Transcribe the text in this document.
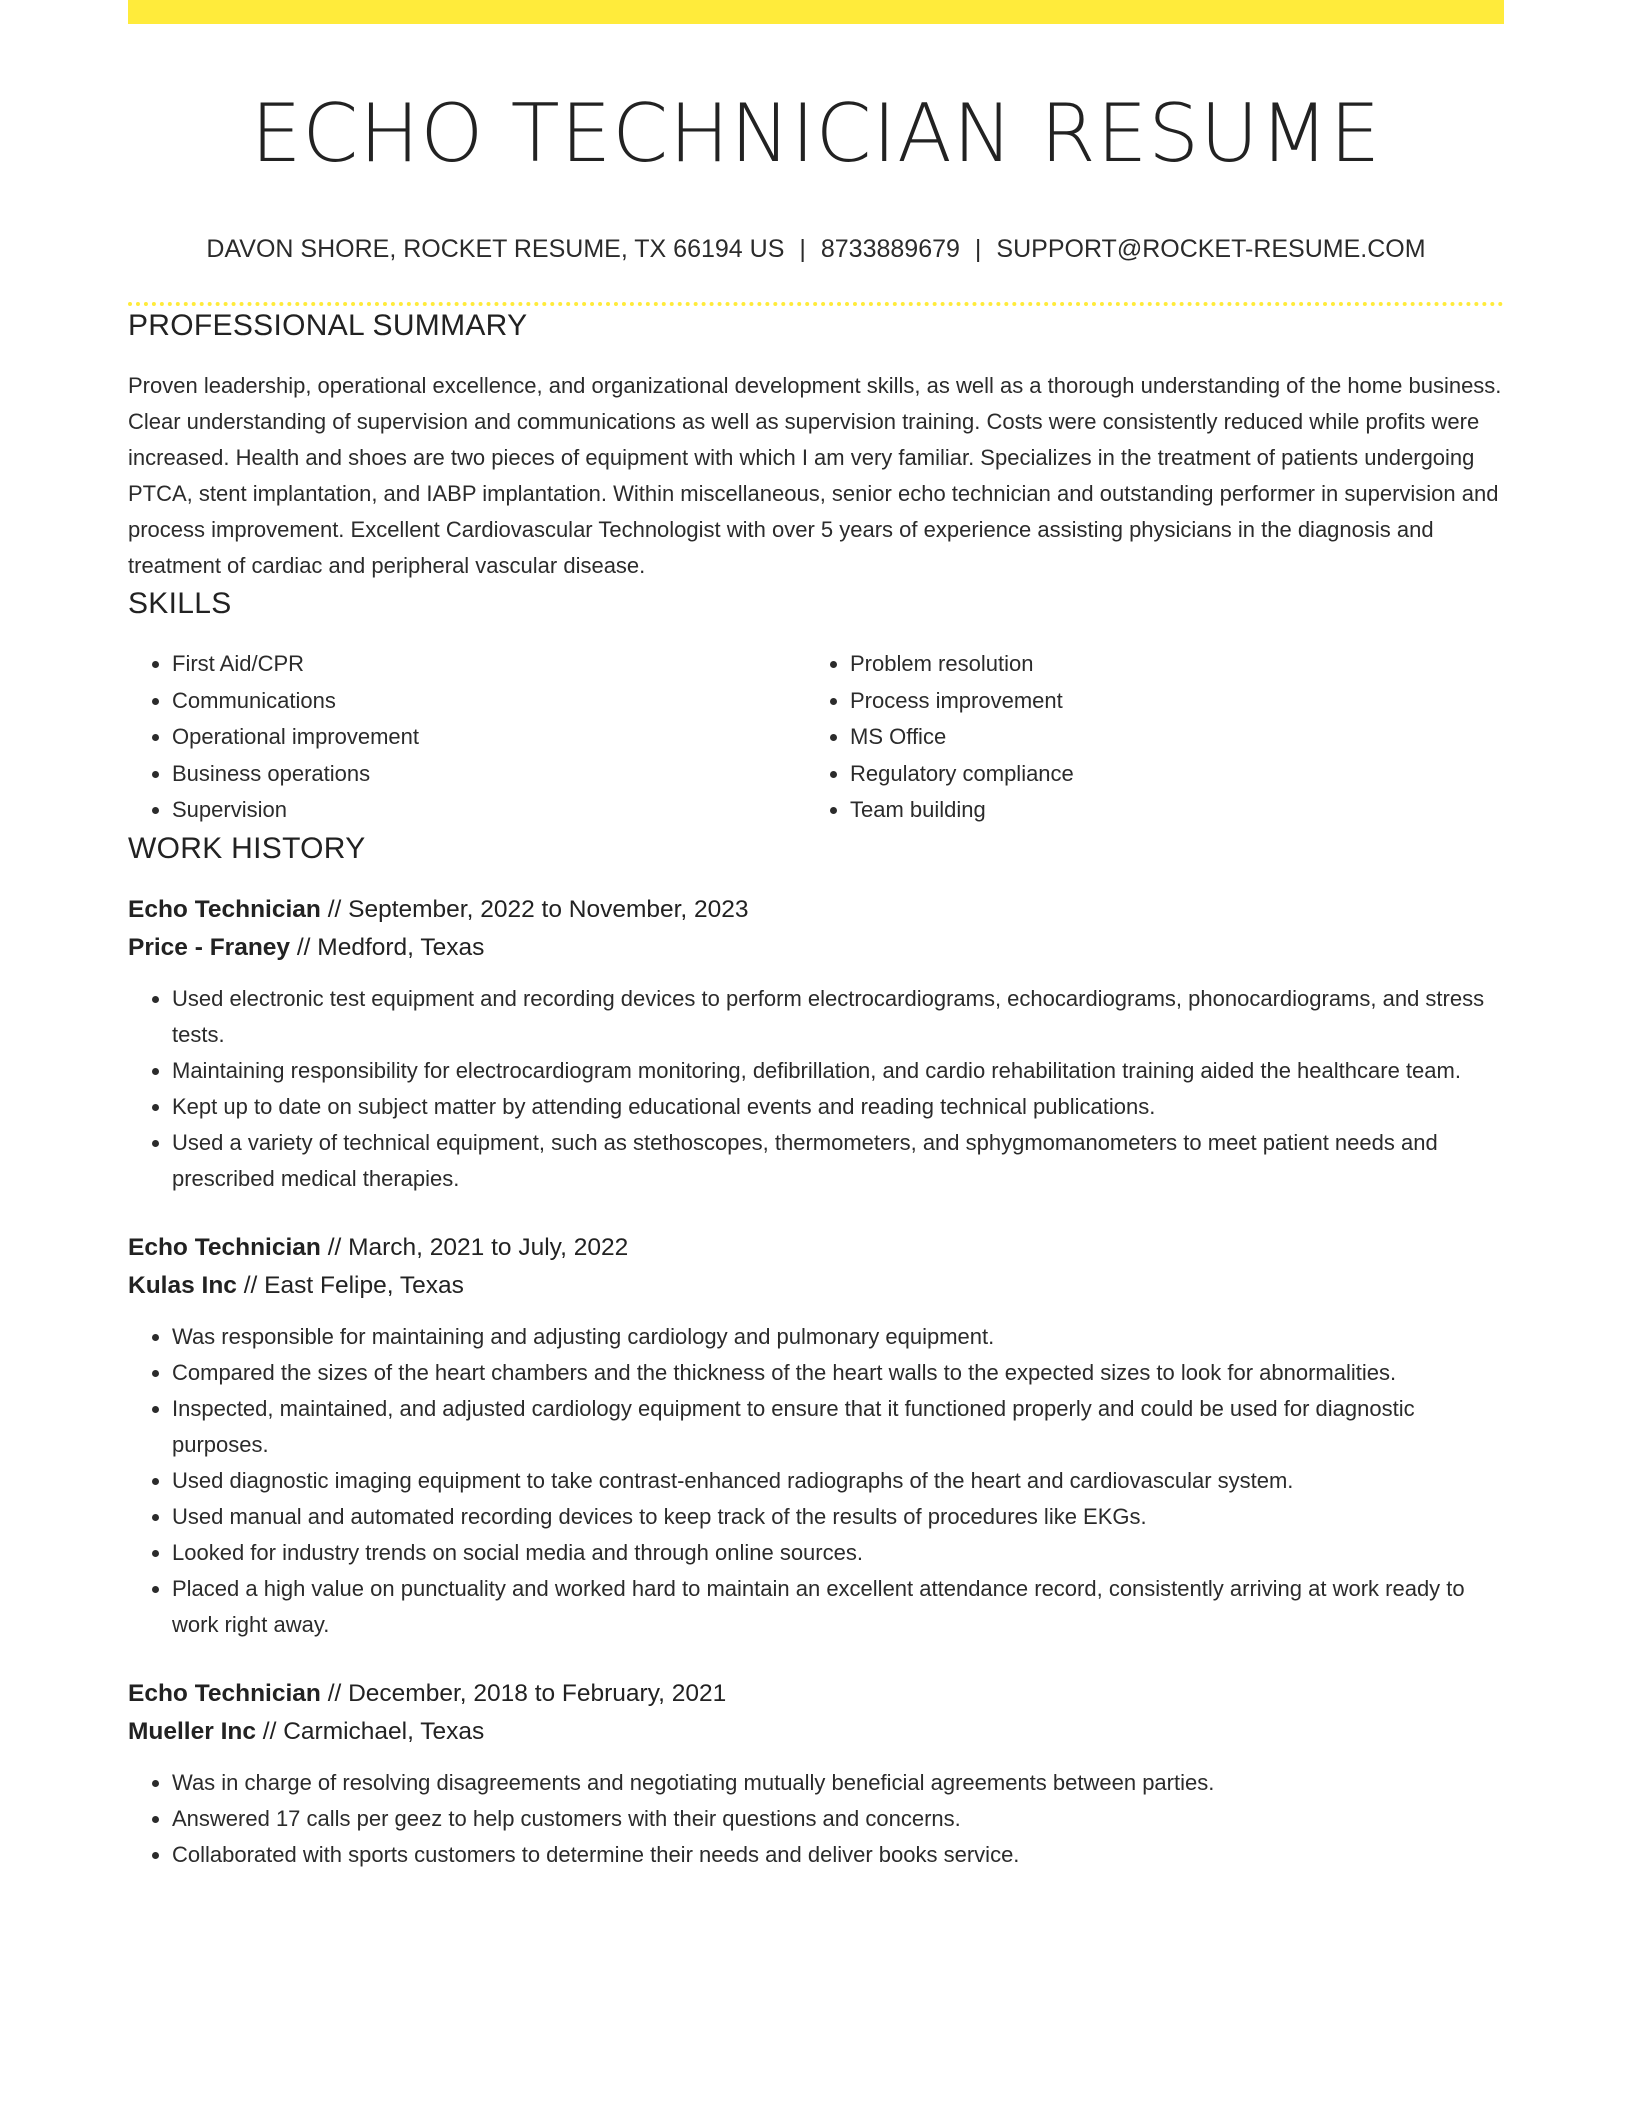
ECHO TECHNICIAN RESUME
DAVON SHORE, ROCKET RESUME, TX 66194 US | 8733889679 | SUPPORT@ROCKET-RESUME.COM
PROFESSIONAL SUMMARY

Proven leadership, operational excellence, and organizational development skills, as well as a thorough understanding of the home business. Clear understanding of supervision and communications as well as supervision training. Costs were consistently reduced while profits were increased. Health and shoes are two pieces of equipment with which I am very familiar. Specializes in the treatment of patients undergoing PTCA, stent implantation, and IABP implantation. Within miscellaneous, senior echo technician and outstanding performer in supervision and process improvement. Excellent Cardiovascular Technologist with over 5 years of experience assisting physicians in the diagnosis and treatment of cardiac and peripheral vascular disease.

SKILLS
• First Aid/CPR
• Communications
• Operational improvement
• Business operations
• Supervision
• Problem resolution
• Process improvement
• MS Office
• Regulatory compliance
• Team building
WORK HISTORY
Echo Technician // September, 2022 to November, 2023
Price - Franey // Medford, Texas
• Used electronic test equipment and recording devices to perform electrocardiograms, echocardiograms, phonocardiograms, and stress tests.
• Maintaining responsibility for electrocardiogram monitoring, defibrillation, and cardio rehabilitation training aided the healthcare team.
• Kept up to date on subject matter by attending educational events and reading technical publications.
• Used a variety of technical equipment, such as stethoscopes, thermometers, and sphygmomanometers to meet patient needs and prescribed medical therapies.
Echo Technician // March, 2021 to July, 2022
Kulas Inc // East Felipe, Texas
• Was responsible for maintaining and adjusting cardiology and pulmonary equipment.
• Compared the sizes of the heart chambers and the thickness of the heart walls to the expected sizes to look for abnormalities.
• Inspected, maintained, and adjusted cardiology equipment to ensure that it functioned properly and could be used for diagnostic purposes.
• Used diagnostic imaging equipment to take contrast-enhanced radiographs of the heart and cardiovascular system.
• Used manual and automated recording devices to keep track of the results of procedures like EKGs.
• Looked for industry trends on social media and through online sources.
• Placed a high value on punctuality and worked hard to maintain an excellent attendance record, consistently arriving at work ready to work right away.
Echo Technician // December, 2018 to February, 2021
Mueller Inc // Carmichael, Texas
• Was in charge of resolving disagreements and negotiating mutually beneficial agreements between parties.
• Answered 17 calls per geez to help customers with their questions and concerns.
• Collaborated with sports customers to determine their needs and deliver books service.
